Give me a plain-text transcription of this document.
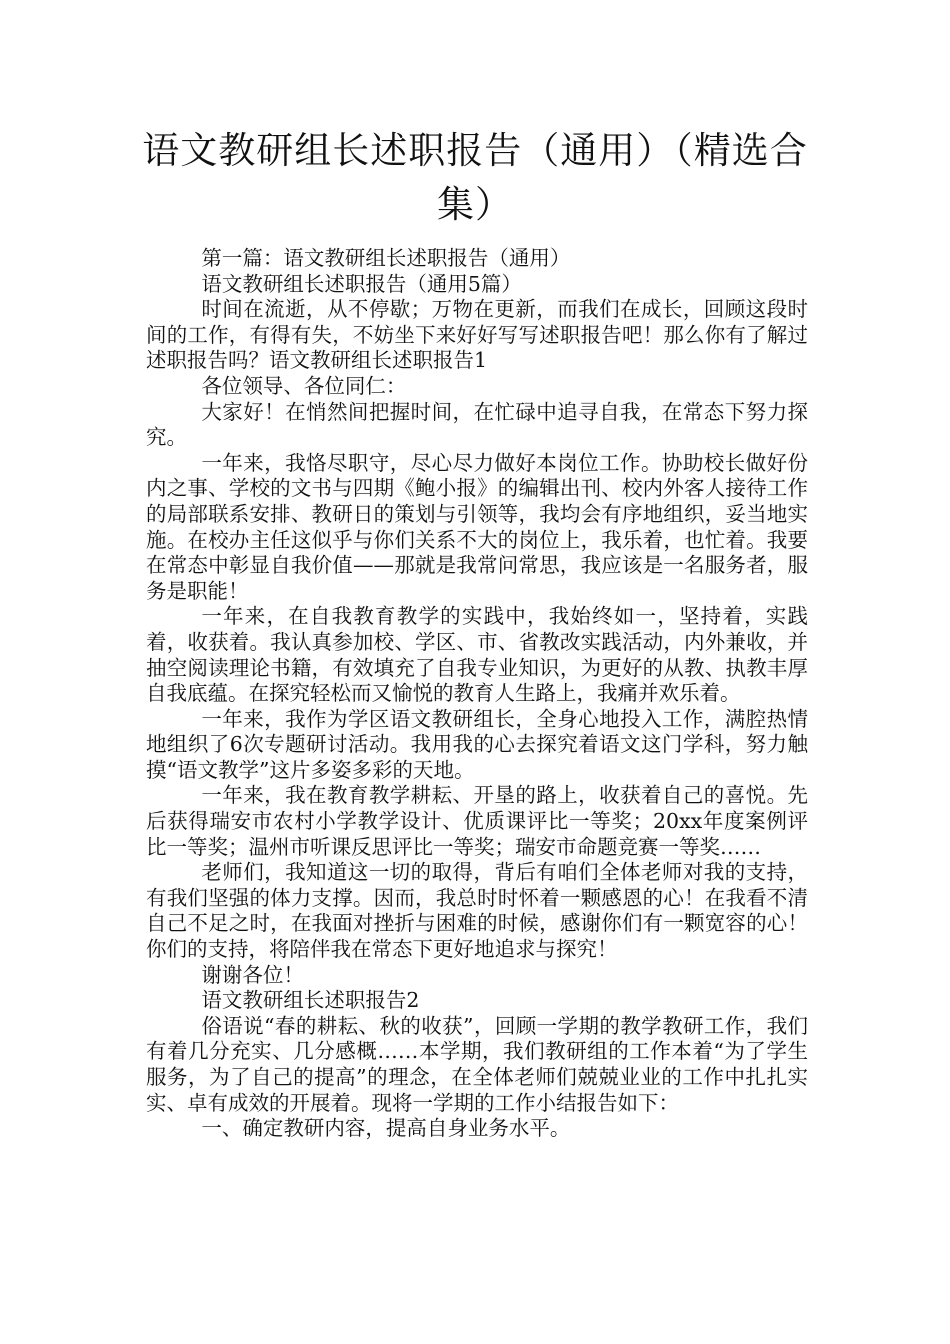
语文教研组长述职报告（通用）（精选合集）

第一篇：语文教研组长述职报告（通用）

语文教研组长述职报告（通用5篇）

时间在流逝，从不停歇；万物在更新，而我们在成长，回顾这段时间的工作，有得有失，不妨坐下来好好写写述职报告吧！那么你有了解过述职报告吗？语文教研组长述职报告1

各位领导、各位同仁：

大家好！在悄然间把握时间，在忙碌中追寻自我，在常态下努力探究。

一年来，我恪尽职守，尽心尽力做好本岗位工作。协助校长做好份内之事、学校的文书与四期《鲍小报》的编辑出刊、校内外客人接待工作的局部联系安排、教研日的策划与引领等，我均会有序地组织，妥当地实施。在校办主任这似乎与你们关系不大的岗位上，我乐着，也忙着。我要在常态中彰显自我价值——那就是我常问常思，我应该是一名服务者，服务是职能！

一年来，在自我教育教学的实践中，我始终如一，坚持着，实践着，收获着。我认真参加校、学区、市、省教改实践活动，内外兼收，并抽空阅读理论书籍，有效填充了自我专业知识，为更好的从教、执教丰厚自我底蕴。在探究轻松而又愉悦的教育人生路上，我痛并欢乐着。

一年来，我作为学区语文教研组长，全身心地投入工作，满腔热情地组织了6次专题研讨活动。我用我的心去探究着语文这门学科，努力触摸“语文教学”这片多姿多彩的天地。

一年来，我在教育教学耕耘、开垦的路上，收获着自己的喜悦。先后获得瑞安市农村小学教学设计、优质课评比一等奖；20xx年度案例评比一等奖；温州市听课反思评比一等奖；瑞安市命题竞赛一等奖……

老师们，我知道这一切的取得，背后有咱们全体老师对我的支持，有我们坚强的体力支撑。因而，我总时时怀着一颗感恩的心！在我看不清自己不足之时，在我面对挫折与困难的时候，感谢你们有一颗宽容的心！你们的支持，将陪伴我在常态下更好地追求与探究！

谢谢各位！

语文教研组长述职报告2

俗语说“春的耕耘、秋的收获”，回顾一学期的教学教研工作，我们有着几分充实、几分感概……本学期，我们教研组的工作本着“为了学生服务，为了自己的提高”的理念，在全体老师们兢兢业业的工作中扎扎实实、卓有成效的开展着。现将一学期的工作小结报告如下：

一、确定教研内容，提高自身业务水平。
